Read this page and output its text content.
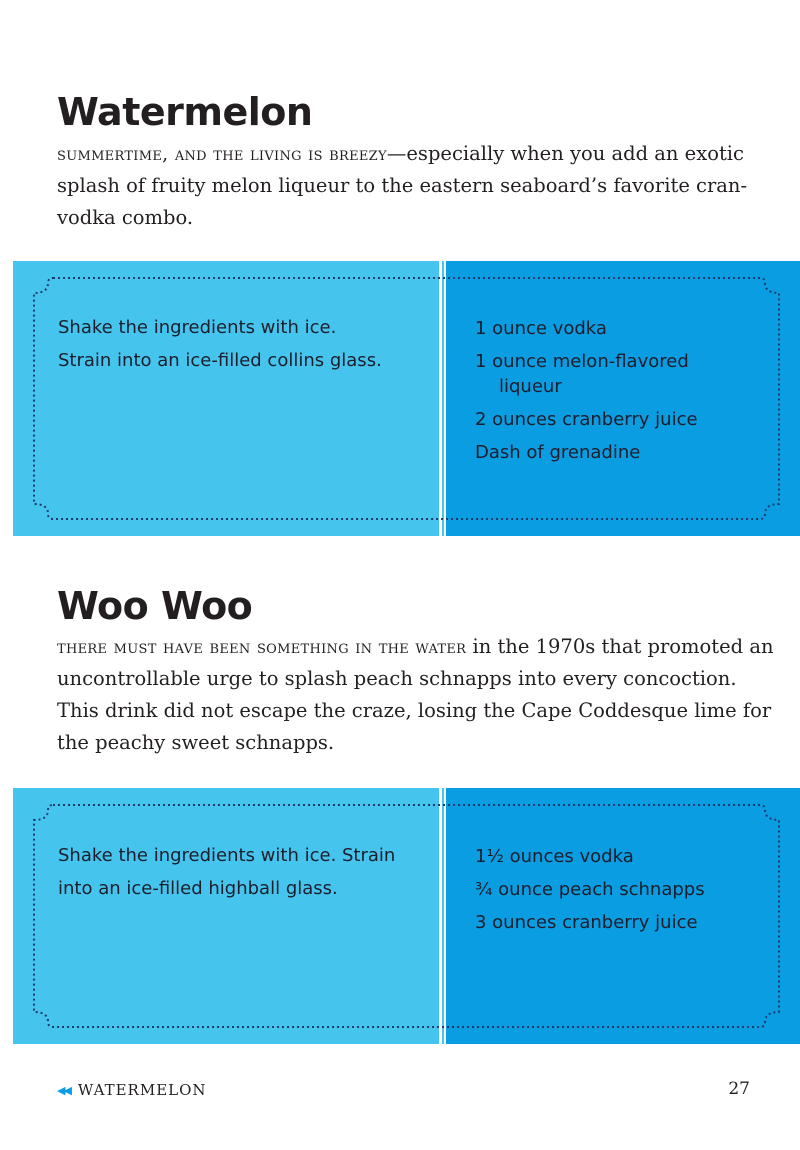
Watermelon

summertime, and the living is breezy—especially when you add an exotic splash of fruity melon liqueur to the eastern seaboard’s favorite cran-vodka combo.

Shake the ingredients with ice.

Strain into an ice-filled collins glass.

1 ounce vodka
1 ounce melon-flavored
liqueur
2 ounces cranberry juice
Dash of grenadine
Woo Woo

there must have been something in the water in the 1970s that promoted an uncontrollable urge to splash peach schnapps into every concoction. This drink did not escape the craze, losing the Cape Coddesque lime for the peachy sweet schnapps.

Shake the ingredients with ice. Strain

into an ice-filled highball glass.

1½ ounces vodka
¾ ounce peach schnapps
3 ounces cranberry juice
◀◀ WATERMELON	27
